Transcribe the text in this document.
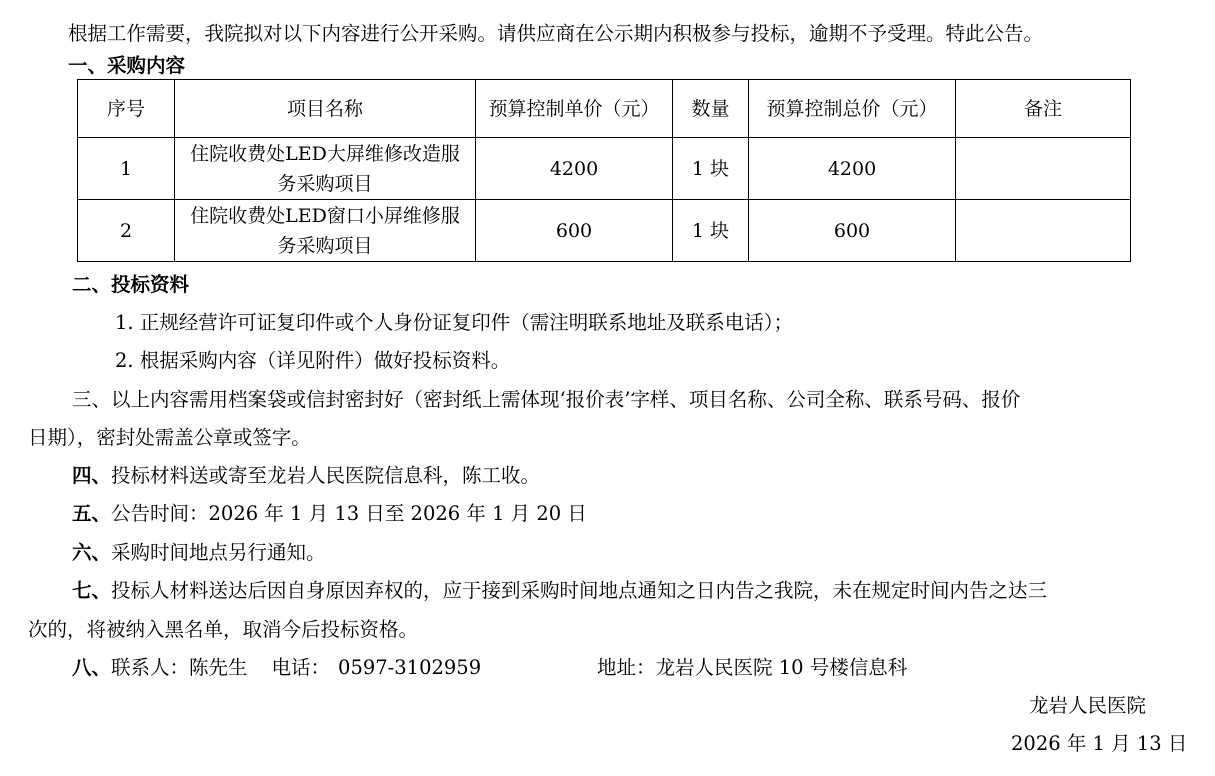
根据工作需要，我院拟对以下内容进行公开采购。请供应商在公示期内积极参与投标，逾期不予受理。特此公告。
一、采购内容
序号	项目名称	预算控制单价（元）	数量	预算控制总价（元）	备注
1	住院收费处LED大屏维修改造服
务采购项目	4200	1 块	4200	
2	住院收费处LED窗口小屏维修服
务采购项目	600	1 块	600	
二、投标资料
1. 正规经营许可证复印件或个人身份证复印件（需注明联系地址及联系电话）；
2. 根据采购内容（详见附件）做好投标资料。
三、以上内容需用档案袋或信封密封好（密封纸上需体现‘报价表’字样、项目名称、公司全称、联系号码、报价
日期），密封处需盖公章或签字。
四、投标材料送或寄至龙岩人民医院信息科，陈工收。
五、公告时间：2026 年 1 月 13 日至 2026 年 1 月 20 日
六、采购时间地点另行通知。
七、投标人材料送达后因自身原因弃权的，应于接到采购时间地点通知之日内告之我院，未在规定时间内告之达三
次的，将被纳入黑名单，取消今后投标资格。
八、联系人：陈先生 电话： 0597-3102959	地址：龙岩人民医院 10 号楼信息科
龙岩人民医院
2026 年 1 月 13 日
